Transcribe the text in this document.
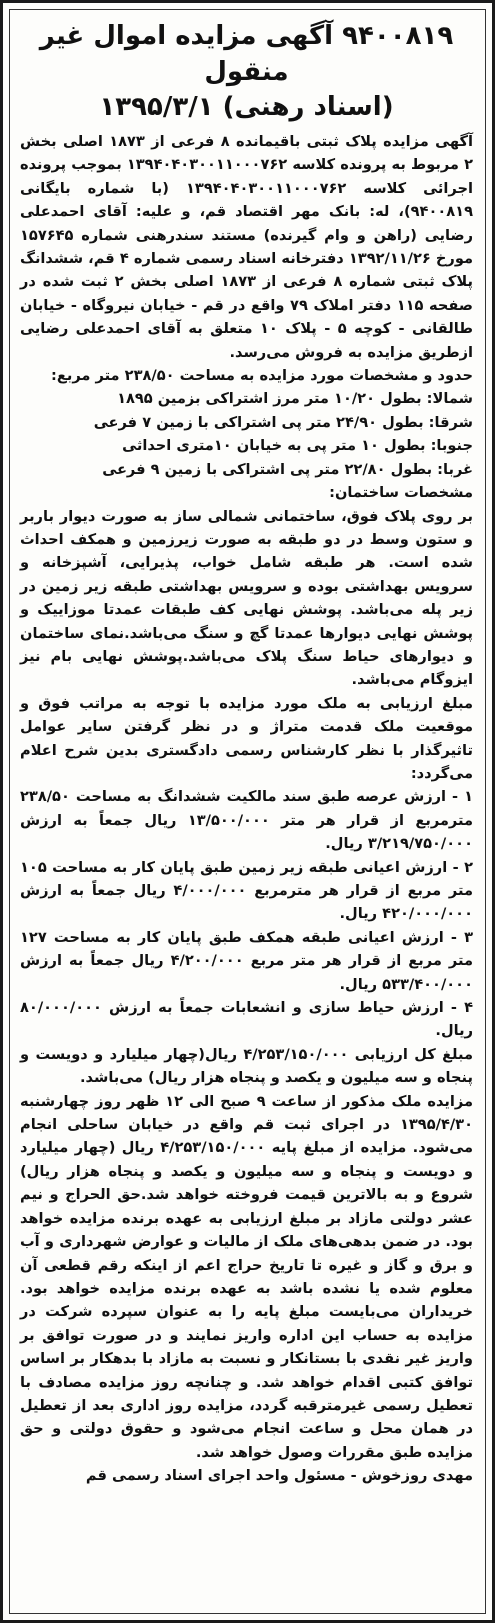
۹۴۰۰۸۱۹ آگهی مزایده اموال غیر منقول

(اسناد رهنی) ۱۳۹۵/۳/۱

آگهی مزایده پلاک ثبتی باقیمانده ۸ فرعی از ۱۸۷۳ اصلی بخش ۲ مربوط به پرونده کلاسه ۱۳۹۴۰۴۰۳۰۰۱۱۰۰۰۷۶۲ بموجب پرونده اجرائی کلاسه ۱۳۹۴۰۴۰۳۰۰۱۱۰۰۰۷۶۲ (با شماره بایگانی ۹۴۰۰۸۱۹)، له: بانک مهر اقتصاد قم، و علیه: آقای احمدعلی رضایی (راهن و وام گیرنده) مستند سندرهنی شماره ۱۵۷۶۴۵ مورخ ۱۳۹۲/۱۱/۲۶ دفترخانه اسناد رسمی شماره ۴ قم، ششدانگ پلاک ثبتی شماره ۸ فرعی از ۱۸۷۳ اصلی بخش ۲ ثبت شده در صفحه ۱۱۵ دفتر املاک ۷۹ واقع در قم - خیابان نیروگاه - خیابان طالقانی - کوچه ۵ - پلاک ۱۰ متعلق به آقای احمدعلی رضایی ازطریق مزایده به فروش می‌رسد.

حدود و مشخصات مورد مزایده به مساحت ۲۳۸/۵۰ متر مربع:

شمالا: بطول ۱۰/۲۰ متر مرز اشتراکی بزمین ۱۸۹۵

شرقا: بطول ۲۴/۹۰ متر پی اشتراکی با زمین ۷ فرعی

جنوبا: بطول ۱۰ متر پی به خیابان ۱۰متری احداثی

غربا: بطول ۲۲/۸۰ متر پی اشتراکی با زمین ۹ فرعی

مشخصات ساختمان:

بر روی پلاک فوق، ساختمانی شمالی ساز به صورت دیوار باربر و ستون وسط در دو طبقه به صورت زیرزمین و همکف احداث شده است. هر طبقه شامل خواب، پذیرایی، آشپزخانه و سرویس بهداشتی بوده و سرویس بهداشتی طبقه زیر زمین در زیر پله می‌باشد. پوشش نهایی کف طبقات عمدتا موزاییک و پوشش نهایی دیوارها عمدتا گچ و سنگ می‌باشد.نمای ساختمان و دیوارهای حیاط سنگ پلاک می‌باشد.پوشش نهایی بام نیز ایزوگام می‌باشد.

مبلغ ارزیابی به ملک مورد مزایده با توجه به مراتب فوق و موقعیت ملک قدمت متراژ و در نظر گرفتن سایر عوامل تاثیرگذار با نظر کارشناس رسمی دادگستری بدین شرح اعلام می‌گردد:

۱ - ارزش عرصه طبق سند مالکیت ششدانگ به مساحت ۲۳۸/۵۰ مترمربع از قرار هر متر ۱۳/۵۰۰/۰۰۰ ریال جمعاً به ارزش ۳/۲۱۹/۷۵۰/۰۰۰ ریال.

۲ - ارزش اعیانی طبقه زیر زمین طبق پایان کار به مساحت ۱۰۵ متر مربع از قرار هر مترمربع ۴/۰۰۰/۰۰۰ ریال جمعاً به ارزش ۴۲۰/۰۰۰/۰۰۰ ریال.

۳ - ارزش اعیانی طبقه همکف طبق پایان کار به مساحت ۱۲۷ متر مربع از قرار هر متر مربع ۴/۲۰۰/۰۰۰ ریال جمعاً به ارزش ۵۳۳/۴۰۰/۰۰۰ ریال.

۴ - ارزش حیاط سازی و انشعابات جمعاً به ارزش ۸۰/۰۰۰/۰۰۰ ریال.

مبلغ کل ارزیابی ۴/۲۵۳/۱۵۰/۰۰۰ ریال(چهار میلیارد و دویست و پنجاه و سه میلیون و یکصد و پنجاه هزار ریال) می‌باشد.

مزایده ملک مذکور از ساعت ۹ صبح الی ۱۲ ظهر روز چهارشنبه ۱۳۹۵/۴/۳۰ در اجرای ثبت قم واقع در خیابان ساحلی انجام می‌شود. مزایده از مبلغ پایه ۴/۲۵۳/۱۵۰/۰۰۰ ریال (چهار میلیارد و دویست و پنجاه و سه میلیون و یکصد و پنجاه هزار ریال) شروع و به بالاترین قیمت فروخته خواهد شد.حق الحراج و نیم عشر دولتی مازاد بر مبلغ ارزیابی به عهده برنده مزایده خواهد بود. در ضمن بدهی‌های ملک از مالیات و عوارض شهرداری و آب و برق و گاز و غیره تا تاریخ حراج اعم از اینکه رقم قطعی آن معلوم شده یا نشده باشد به عهده برنده مزایده خواهد بود. خریداران می‌بایست مبلغ پایه را به عنوان سپرده شرکت در مزایده به حساب این اداره واریز نمایند و در صورت توافق بر واریز غیر نقدی با بستانکار و نسبت به مازاد با بدهکار بر اساس توافق کتبی اقدام خواهد شد. و چنانچه روز مزایده مصادف با تعطیل رسمی غیرمترقبه گردد، مزایده روز اداری بعد از تعطیل در همان محل و ساعت انجام می‌شود و حقوق دولتی و حق مزایده طبق مقررات وصول خواهد شد.

مهدی روزخوش - مسئول واحد اجرای اسناد رسمی قم
